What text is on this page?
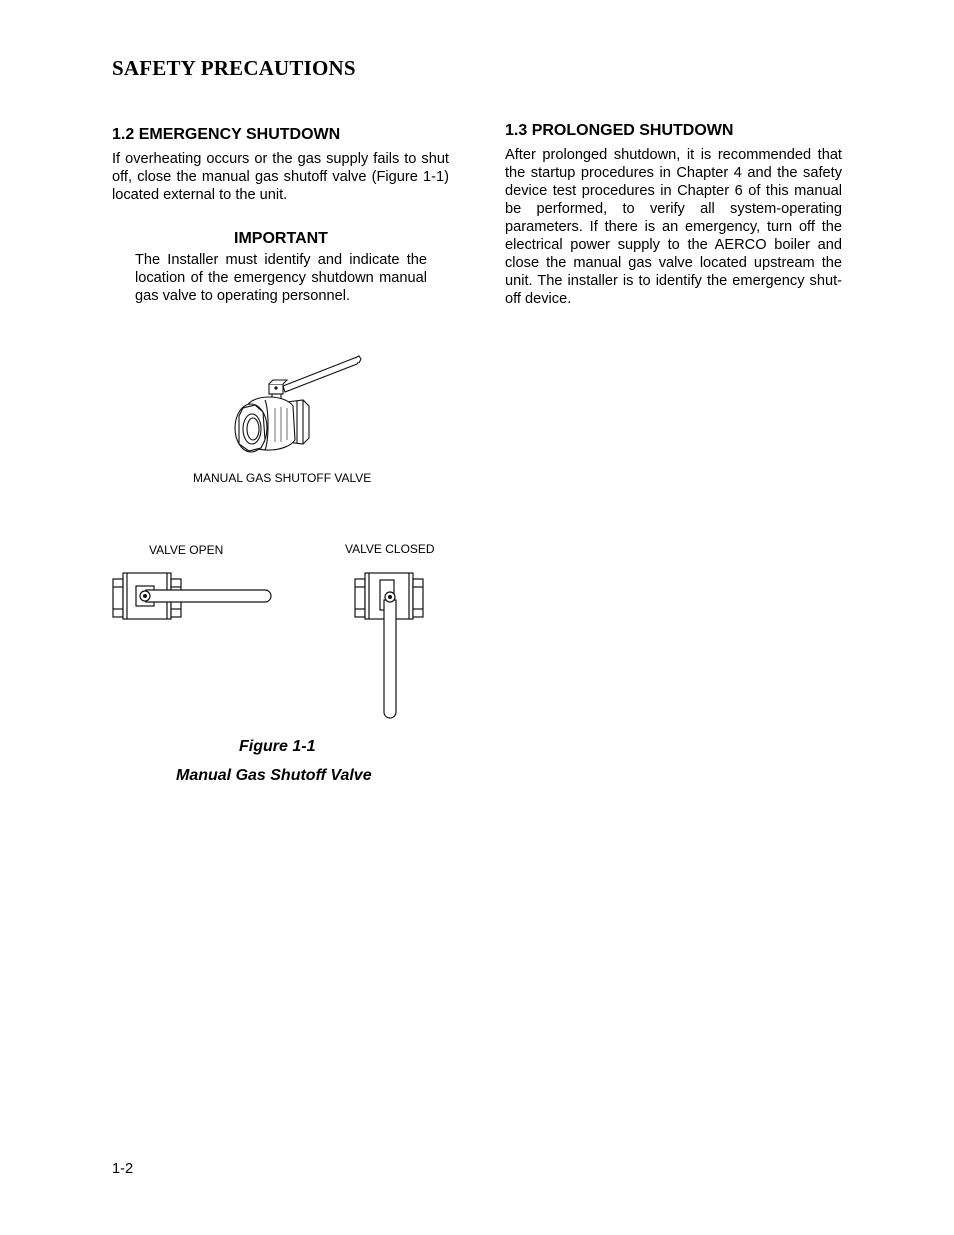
SAFETY PRECAUTIONS
1.2 EMERGENCY SHUTDOWN
If overheating occurs or the gas supply fails to shut off, close the manual gas shutoff valve (Figure 1-1) located external to the unit.
IMPORTANT
The Installer must identify and indicate the location of the emergency shutdown manual gas valve to operating personnel.
1.3 PROLONGED SHUTDOWN
After prolonged shutdown, it is recommended that the startup procedures in Chapter 4 and the safety device test procedures in Chapter 6 of this manual be performed, to verify all system-operating parameters. If there is an emergency, turn off the electrical power supply to the AERCO boiler and close the manual gas valve located upstream the unit. The installer is to identify the emergency shut-off device.
MANUAL GAS SHUTOFF VALVE
VALVE OPEN	VALVE CLOSED
Figure 1-1
Manual Gas Shutoff Valve
1-2
